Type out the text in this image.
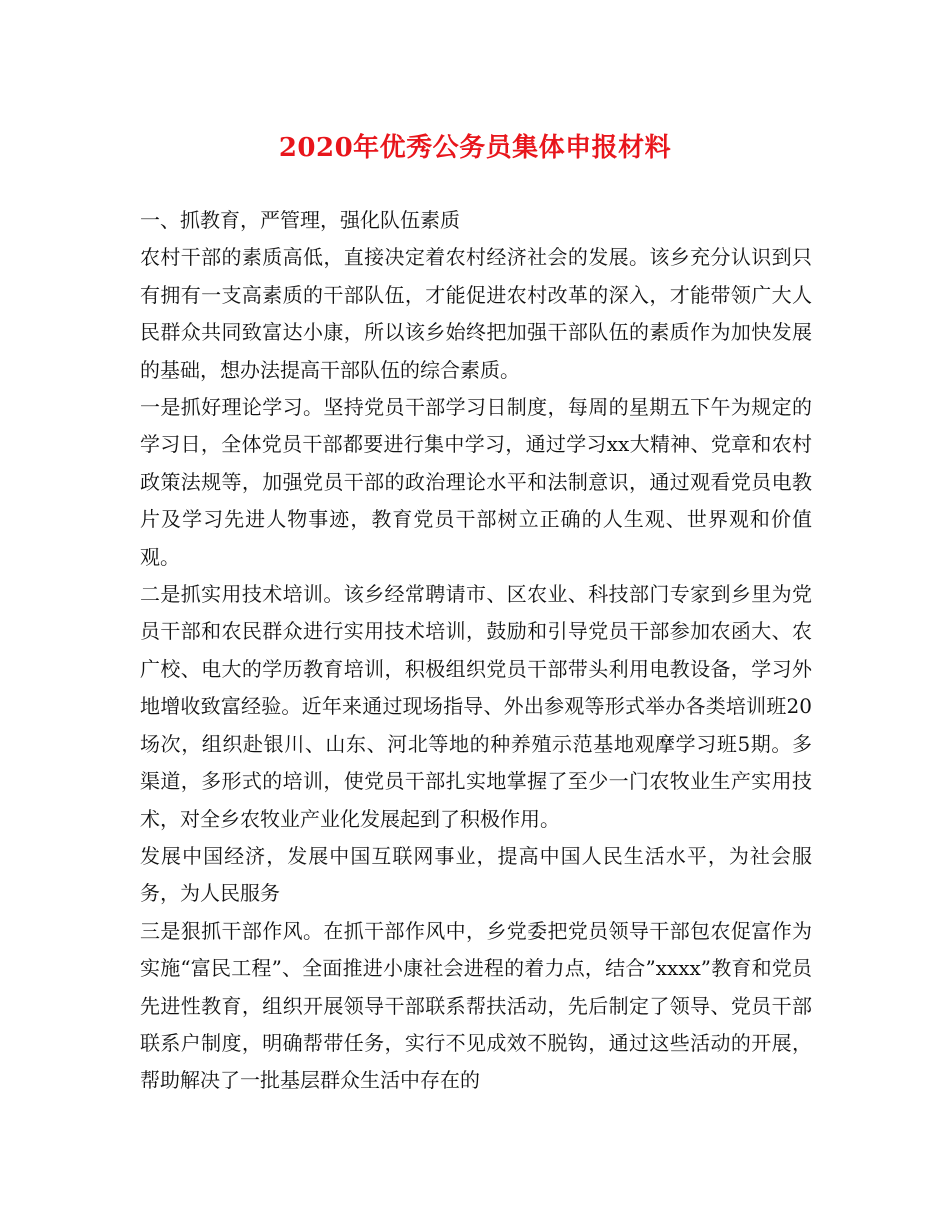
2020年优秀公务员集体申报材料

一、抓教育，严管理，强化队伍素质

农村干部的素质高低，直接决定着农村经济社会的发展。该乡充分认识到只有拥有一支高素质的干部队伍，才能促进农村改革的深入，才能带领广大人民群众共同致富达小康，所以该乡始终把加强干部队伍的素质作为加快发展的基础，想办法提高干部队伍的综合素质。

一是抓好理论学习。坚持党员干部学习日制度，每周的星期五下午为规定的学习日，全体党员干部都要进行集中学习，通过学习xx大精神、党章和农村政策法规等，加强党员干部的政治理论水平和法制意识，通过观看党员电教片及学习先进人物事迹，教育党员干部树立正确的人生观、世界观和价值观。

二是抓实用技术培训。该乡经常聘请市、区农业、科技部门专家到乡里为党员干部和农民群众进行实用技术培训，鼓励和引导党员干部参加农函大、农广校、电大的学历教育培训，积极组织党员干部带头利用电教设备，学习外地增收致富经验。近年来通过现场指导、外出参观等形式举办各类培训班20场次，组织赴银川、山东、河北等地的种养殖示范基地观摩学习班5期。多渠道，多形式的培训，使党员干部扎实地掌握了至少一门农牧业生产实用技术，对全乡农牧业产业化发展起到了积极作用。

发展中国经济，发展中国互联网事业，提高中国人民生活水平，为社会服务，为人民服务

三是狠抓干部作风。在抓干部作风中，乡党委把党员领导干部包农促富作为实施“富民工程”、全面推进小康社会进程的着力点，结合”xxxx”教育和党员先进性教育，组织开展领导干部联系帮扶活动，先后制定了领导、党员干部联系户制度，明确帮带任务，实行不见成效不脱钩，通过这些活动的开展，帮助解决了一批基层群众生活中存在的
